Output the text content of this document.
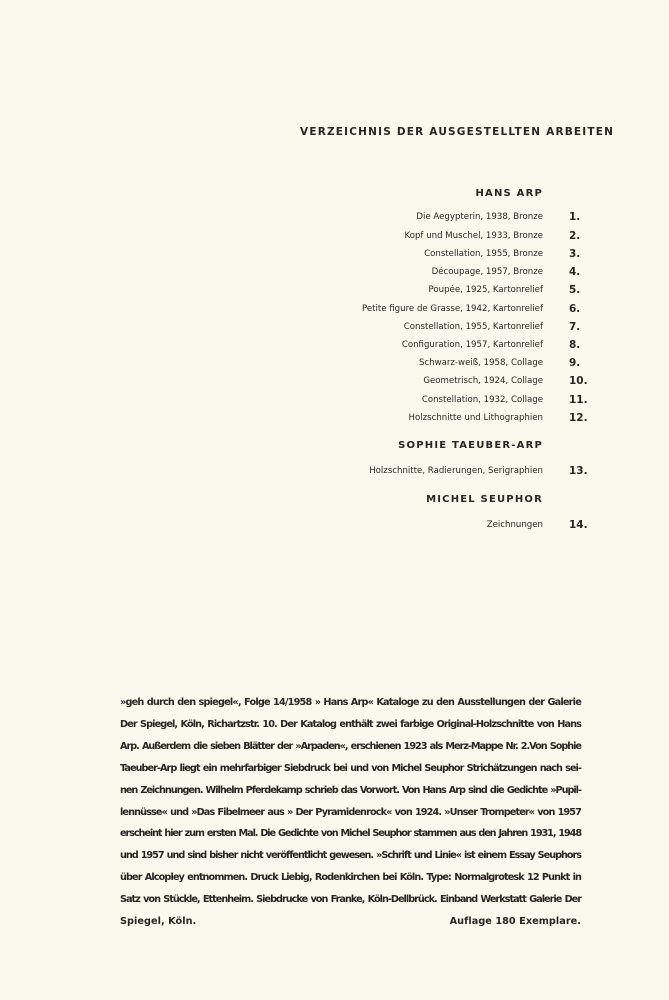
VERZEICHNIS DER AUSGESTELLTEN ARBEITEN
HANS ARP
Die Aegypterin, 1938, Bronze 1.
Kopf und Muschel, 1933, Bronze 2.
Constellation, 1955, Bronze 3.
Découpage, 1957, Bronze 4.
Poupée, 1925, Kartonrelief 5.
Petite figure de Grasse, 1942, Kartonrelief 6.
Constellation, 1955, Kartonrelief 7.
Configuration, 1957, Kartonrelief 8.
Schwarz-weiß, 1958, Collage 9.
Geometrisch, 1924, Collage 10.
Constellation, 1932, Collage 11.
Holzschnitte und Lithographien 12.
SOPHIE TAEUBER-ARP
Holzschnitte, Radierungen, Serigraphien 13.
MICHEL SEUPHOR
Zeichnungen 14.
»geh durch den spiegel«, Folge 14/1958 » Hans Arp« Kataloge zu den Ausstellungen der Galerie
Der Spiegel, Köln, Richartzstr. 10. Der Katalog enthält zwei farbige Original-Holzschnitte von Hans
Arp. Außerdem die sieben Blätter der »Arpaden«, erschienen 1923 als Merz-Mappe Nr. 2.Von Sophie
Taeuber-Arp liegt ein mehrfarbiger Siebdruck bei und von Michel Seuphor Strichätzungen nach sei-
nen Zeichnungen. Wilhelm Pferdekamp schrieb das Vorwort. Von Hans Arp sind die Gedichte »Pupil-
lennüsse« und »Das Fibelmeer aus » Der Pyramidenrock« von 1924. »Unser Trompeter« von 1957
erscheint hier zum ersten Mal. Die Gedichte von Michel Seuphor stammen aus den Jahren 1931, 1948
und 1957 und sind bisher nicht veröffentlicht gewesen. »Schrift und Linie« ist einem Essay Seuphors
über Alcopley entnommen. Druck Liebig, Rodenkirchen bei Köln. Type: Normalgrotesk 12 Punkt in
Satz von Stückle, Ettenheim. Siebdrucke von Franke, Köln-Dellbrück. Einband Werkstatt Galerie Der
Spiegel, Köln.	Auflage 180 Exemplare.
